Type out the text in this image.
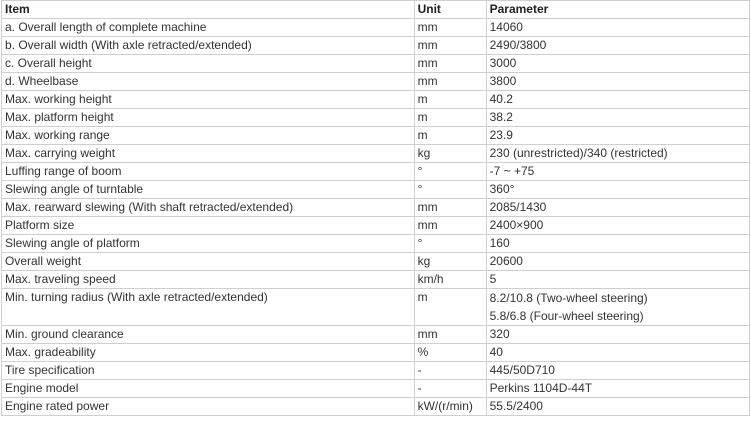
Item	Unit	Parameter
a. Overall length of complete machine	mm	14060
b. Overall width (With axle retracted/extended)	mm	2490/3800
c. Overall height	mm	3000
d. Wheelbase	mm	3800
Max. working height	m	40.2
Max. platform height	m	38.2
Max. working range	m	23.9
Max. carrying weight	kg	230 (unrestricted)/340 (restricted)
Luffing range of boom	°	-7 ~ +75
Slewing angle of turntable	°	360°
Max. rearward slewing (With shaft retracted/extended)	mm	2085/1430
Platform size	mm	2400×900
Slewing angle of platform	°	160
Overall weight	kg	20600
Max. traveling speed	km/h	5
Min. turning radius (With axle retracted/extended)	m	8.2/10.8 (Two-wheel steering)
5.8/6.8 (Four-wheel steering)

Min. ground clearance	mm	320
Max. gradeability	%	40
Tire specification	-	445/50D710
Engine model	-	Perkins 1104D-44T
Engine rated power	kW/(r/min)	55.5/2400
